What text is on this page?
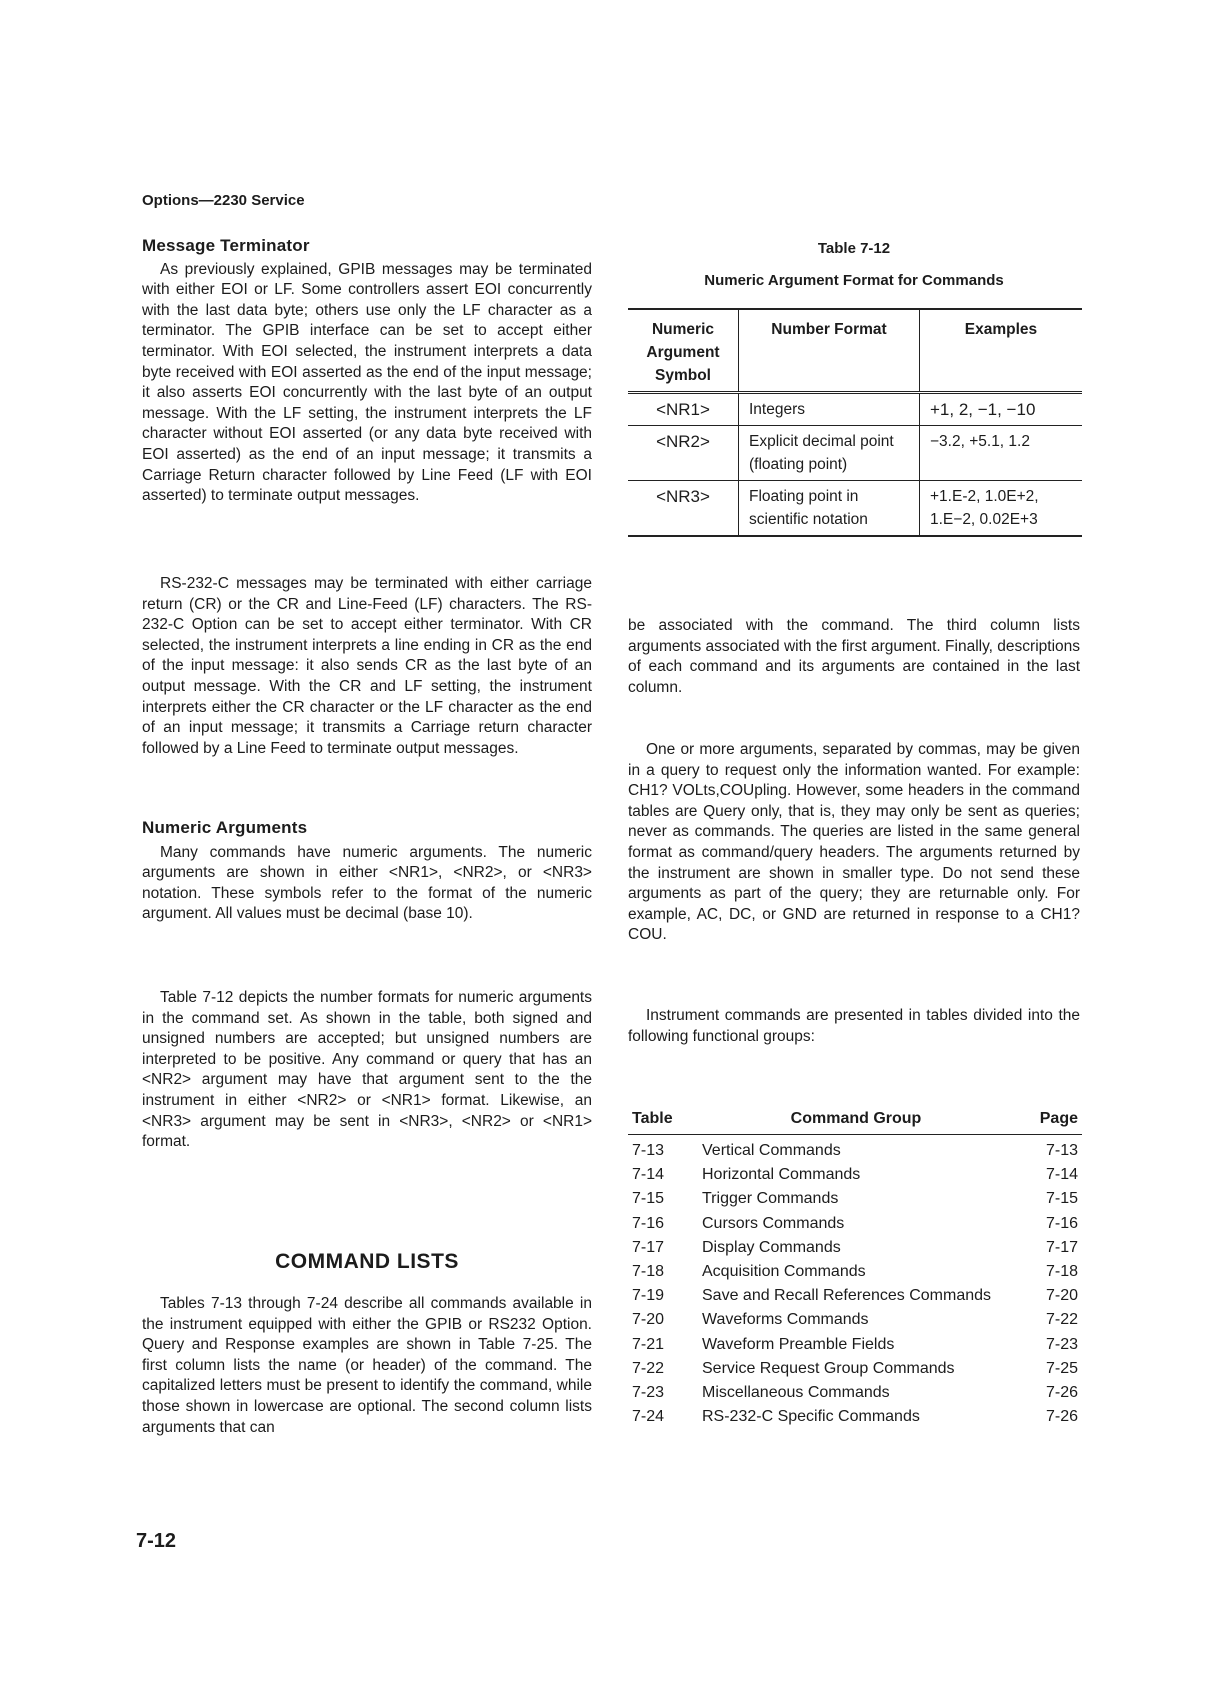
Options—2230 Service
Message Terminator

As previously explained, GPIB messages may be terminated with either EOI or LF. Some controllers assert EOI concurrently with the last data byte; others use only the LF character as a terminator. The GPIB interface can be set to accept either terminator. With EOI selected, the instrument interprets a data byte received with EOI asserted as the end of the input message; it also asserts EOI concurrently with the last byte of an output message. With the LF setting, the instrument interprets the LF character without EOI asserted (or any data byte received with EOI asserted) as the end of an input message; it transmits a Carriage Return character followed by Line Feed (LF with EOI asserted) to terminate output messages.

RS-232-C messages may be terminated with either carriage return (CR) or the CR and Line-Feed (LF) characters. The RS-232-C Option can be set to accept either terminator. With CR selected, the instrument interprets a line ending in CR as the end of the input message: it also sends CR as the last byte of an output message. With the CR and LF setting, the instrument interprets either the CR character or the LF character as the end of an input message; it transmits a Carriage return character followed by a Line Feed to terminate output messages.

Numeric Arguments

Many commands have numeric arguments. The numeric arguments are shown in either <NR1>, <NR2>, or <NR3> notation. These symbols refer to the format of the numeric argument. All values must be decimal (base 10).

Table 7-12 depicts the number formats for numeric arguments in the command set. As shown in the table, both signed and unsigned numbers are accepted; but unsigned numbers are interpreted to be positive. Any command or query that has an <NR2> argument may have that argument sent to the the instrument in either <NR2> or <NR1> format. Likewise, an <NR3> argument may be sent in <NR3>, <NR2> or <NR1> format.

COMMAND LISTS

Tables 7-13 through 7-24 describe all commands available in the instrument equipped with either the GPIB or RS232 Option. Query and Response examples are shown in Table 7-25. The first column lists the name (or header) of the command. The capitalized letters must be present to identify the command, while those shown in lowercase are optional. The second column lists arguments that can

Table 7-12
Numeric Argument Format for Commands
Numeric Argument Symbol	Number Format	Examples
<NR1>	Integers	+1, 2, −1, −10
<NR2>	Explicit decimal point (floating point)	−3.2, +5.1, 1.2
<NR3>	Floating point in scientific notation	+1.E-2, 1.0E+2, 1.E−2, 0.02E+3

be associated with the command. The third column lists arguments associated with the first argument. Finally, descriptions of each command and its arguments are contained in the last column.

One or more arguments, separated by commas, may be given in a query to request only the information wanted. For example: CH1? VOLts,COUpling. However, some headers in the command tables are Query only, that is, they may only be sent as queries; never as commands. The queries are listed in the same general format as command/query headers. The arguments returned by the instrument are shown in smaller type. Do not send these arguments as part of the query; they are returnable only. For example, AC, DC, or GND are returned in response to a CH1? COU.

Instrument commands are presented in tables divided into the following functional groups:

Table	Command Group	Page
7-13	Vertical Commands	7-13
7-14	Horizontal Commands	7-14
7-15	Trigger Commands	7-15
7-16	Cursors Commands	7-16
7-17	Display Commands	7-17
7-18	Acquisition Commands	7-18
7-19	Save and Recall References Commands	7-20
7-20	Waveforms Commands	7-22
7-21	Waveform Preamble Fields	7-23
7-22	Service Request Group Commands	7-25
7-23	Miscellaneous Commands	7-26
7-24	RS-232-C Specific Commands	7-26
7-12
